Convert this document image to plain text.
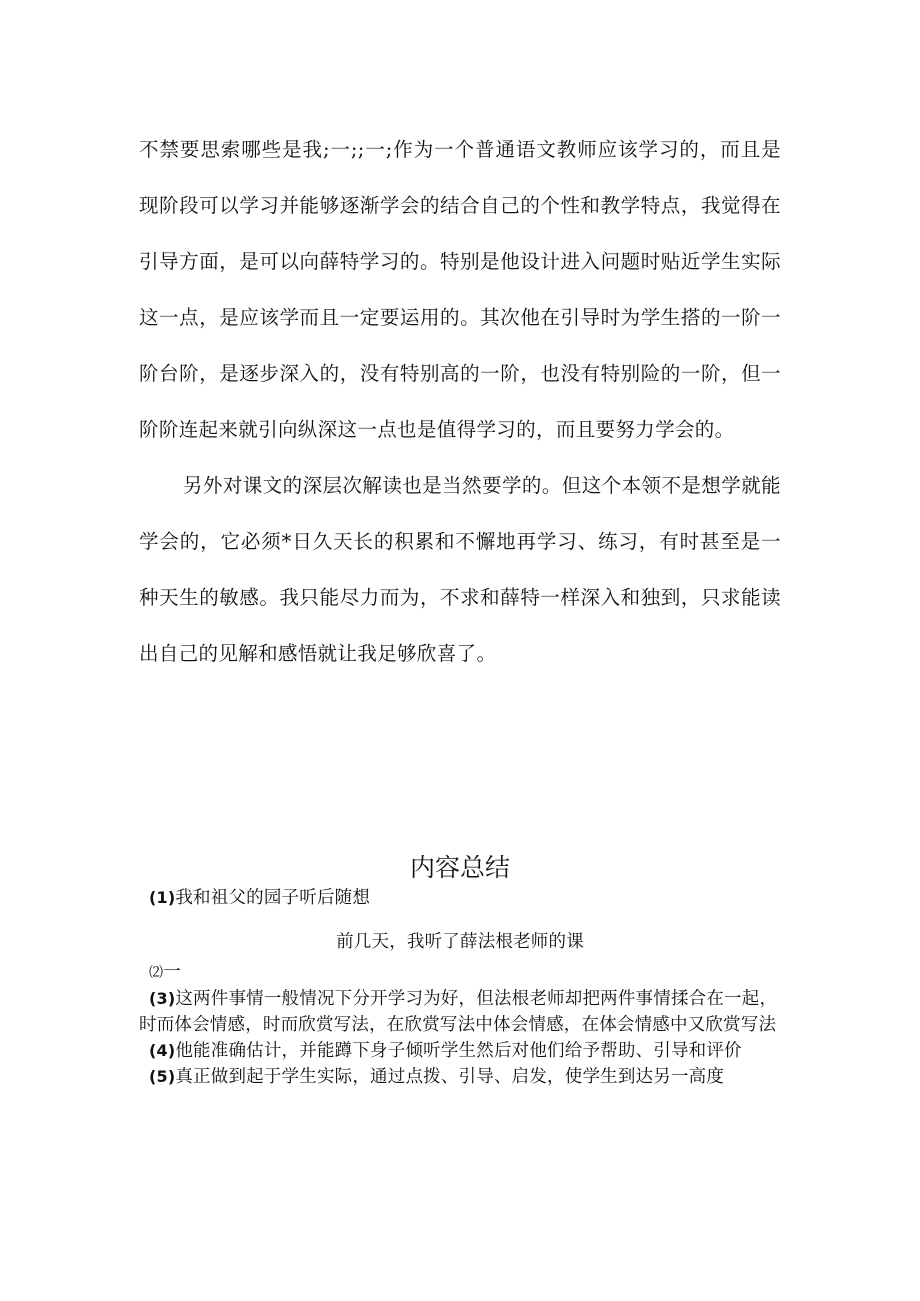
不禁要思索哪些是我;一;;一;作为一个普通语文教师应该学习的，而且是现阶段可以学习并能够逐渐学会的结合自己的个性和教学特点，我觉得在引导方面，是可以向薛特学习的。特别是他设计进入问题时贴近学生实际这一点，是应该学而且一定要运用的。其次他在引导时为学生搭的一阶一阶台阶，是逐步深入的，没有特别高的一阶，也没有特别险的一阶，但一阶阶连起来就引向纵深这一点也是值得学习的，而且要努力学会的。

另外对课文的深层次解读也是当然要学的。但这个本领不是想学就能学会的，它必须*日久天长的积累和不懈地再学习、练习，有时甚至是一种天生的敏感。我只能尽力而为，不求和薛特一样深入和独到，只求能读出自己的见解和感悟就让我足够欣喜了。

内容总结

(1)我和祖父的园子听后随想

前几天，我听了薛法根老师的课

⑵一

(3)这两件事情一般情况下分开学习为好，但法根老师却把两件事情揉合在一起，时而体会情感，时而欣赏写法，在欣赏写法中体会情感，在体会情感中又欣赏写法

(4)他能准确估计，并能蹲下身子倾听学生然后对他们给予帮助、引导和评价

(5)真正做到起于学生实际，通过点拨、引导、启发，使学生到达另一高度
